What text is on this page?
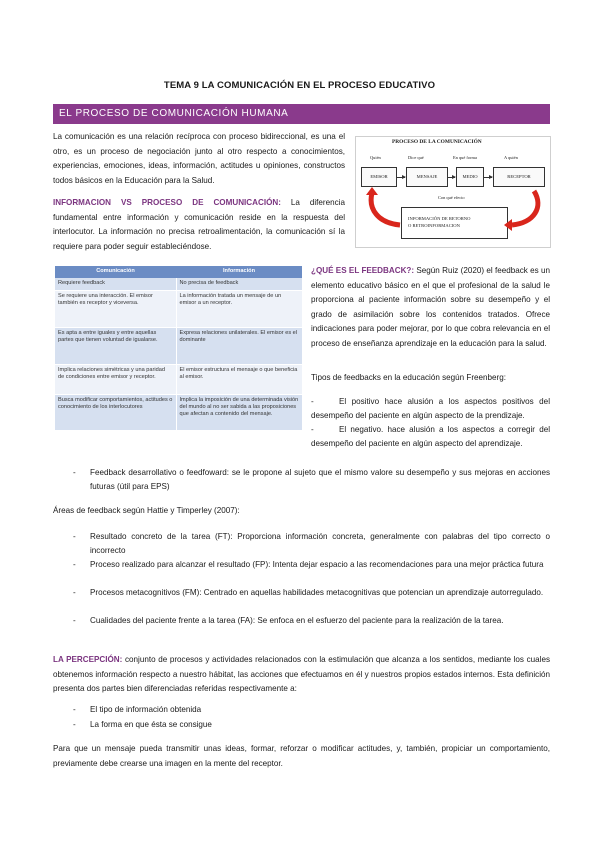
TEMA 9 LA COMUNICACIÓN EN EL PROCESO EDUCATIVO
EL PROCESO DE COMUNICACIÓN HUMANA
La comunicación es una relación recíproca con proceso bidireccional, es una el otro, es un proceso de negociación junto al otro respecto a conocimientos, experiencias, emociones, ideas, información, actitudes u opiniones, constructos todos básicos en la Educación para la Salud.
INFORMACION VS PROCESO DE COMUNICACIÓN: La diferencia fundamental entre información y comunicación reside en la respuesta del interlocutor. La información no precisa retroalimentación, la comunicación sí la requiere para poder seguir estableciéndose.
PROCESO DE LA COMUNICACIÓN
Quién	Dice qué	En qué forma	A quién
EMISOR	MENSAJE	MEDIO	RECEPTOR
Con qué efecto
INFORMACIÓN DE RETORNO
O RETROINFORMACION
Comunicación	Información
Requiere feedback	No precisa de feedback
Se requiere una interacción. El emisor también es receptor y viceversa.	La información tratada un mensaje de un emisor a un receptor.
Es apta a entre iguales y entre aquellas partes que tienen voluntad de igualarse.	Expresa relaciones unilaterales. El emisor es el dominante
Implica relaciones simétricas y una paridad de condiciones entre emisor y receptor.	El emisor estructura el mensaje o que beneficia al emisor.
Busca modificar comportamientos, actitudes o conocimiento de los interlocutores	Implica la imposición de una determinada visión del mundo al no ser sabida a las proposiciones que afectan a contenido del mensaje.
¿QUÉ ES EL FEEDBACK?: Según Ruiz (2020) el feedback es un elemento educativo básico en el que el profesional de la salud le proporciona al paciente información sobre su desempeño y el grado de asimilación sobre los contenidos tratados. Ofrece indicaciones para poder mejorar, por lo que cobra relevancia en el proceso de enseñanza aprendizaje en la educación para la salud.
Tipos de feedbacks en la educación según Freenberg:
-	El positivo hace alusión a los aspectos positivos del desempeño del paciente en algún aspecto de la prendizaje.
-	El negativo. hace alusión a los aspectos a corregir del desempeño del paciente en algún aspecto del aprendizaje.
-	Feedback desarrollativo o feedfoward: se le propone al sujeto que el mismo valore su desempeño y sus mejoras en acciones futuras (útil para EPS)
Áreas de feedback según Hattie y Timperley (2007):
-	Resultado concreto de la tarea (FT): Proporciona información concreta, generalmente con palabras del tipo correcto o incorrecto
-	Proceso realizado para alcanzar el resultado (FP): Intenta dejar espacio a las recomendaciones para una mejor práctica futura
-	Procesos metacognitivos (FM): Centrado en aquellas habilidades metacognitivas que potencian un aprendizaje autorregulado.
-	Cualidades del paciente frente a la tarea (FA): Se enfoca en el esfuerzo del paciente para la realización de la tarea.
LA PERCEPCIÓN: conjunto de procesos y actividades relacionados con la estimulación que alcanza a los sentidos, mediante los cuales obtenemos información respecto a nuestro hábitat, las acciones que efectuamos en él y nuestros propios estados internos. Esta definición presenta dos partes bien diferenciadas referidas respectivamente a:
-	El tipo de información obtenida
-	La forma en que ésta se consigue
Para que un mensaje pueda transmitir unas ideas, formar, reforzar o modificar actitudes, y, también, propiciar un comportamiento, previamente debe crearse una imagen en la mente del receptor.
